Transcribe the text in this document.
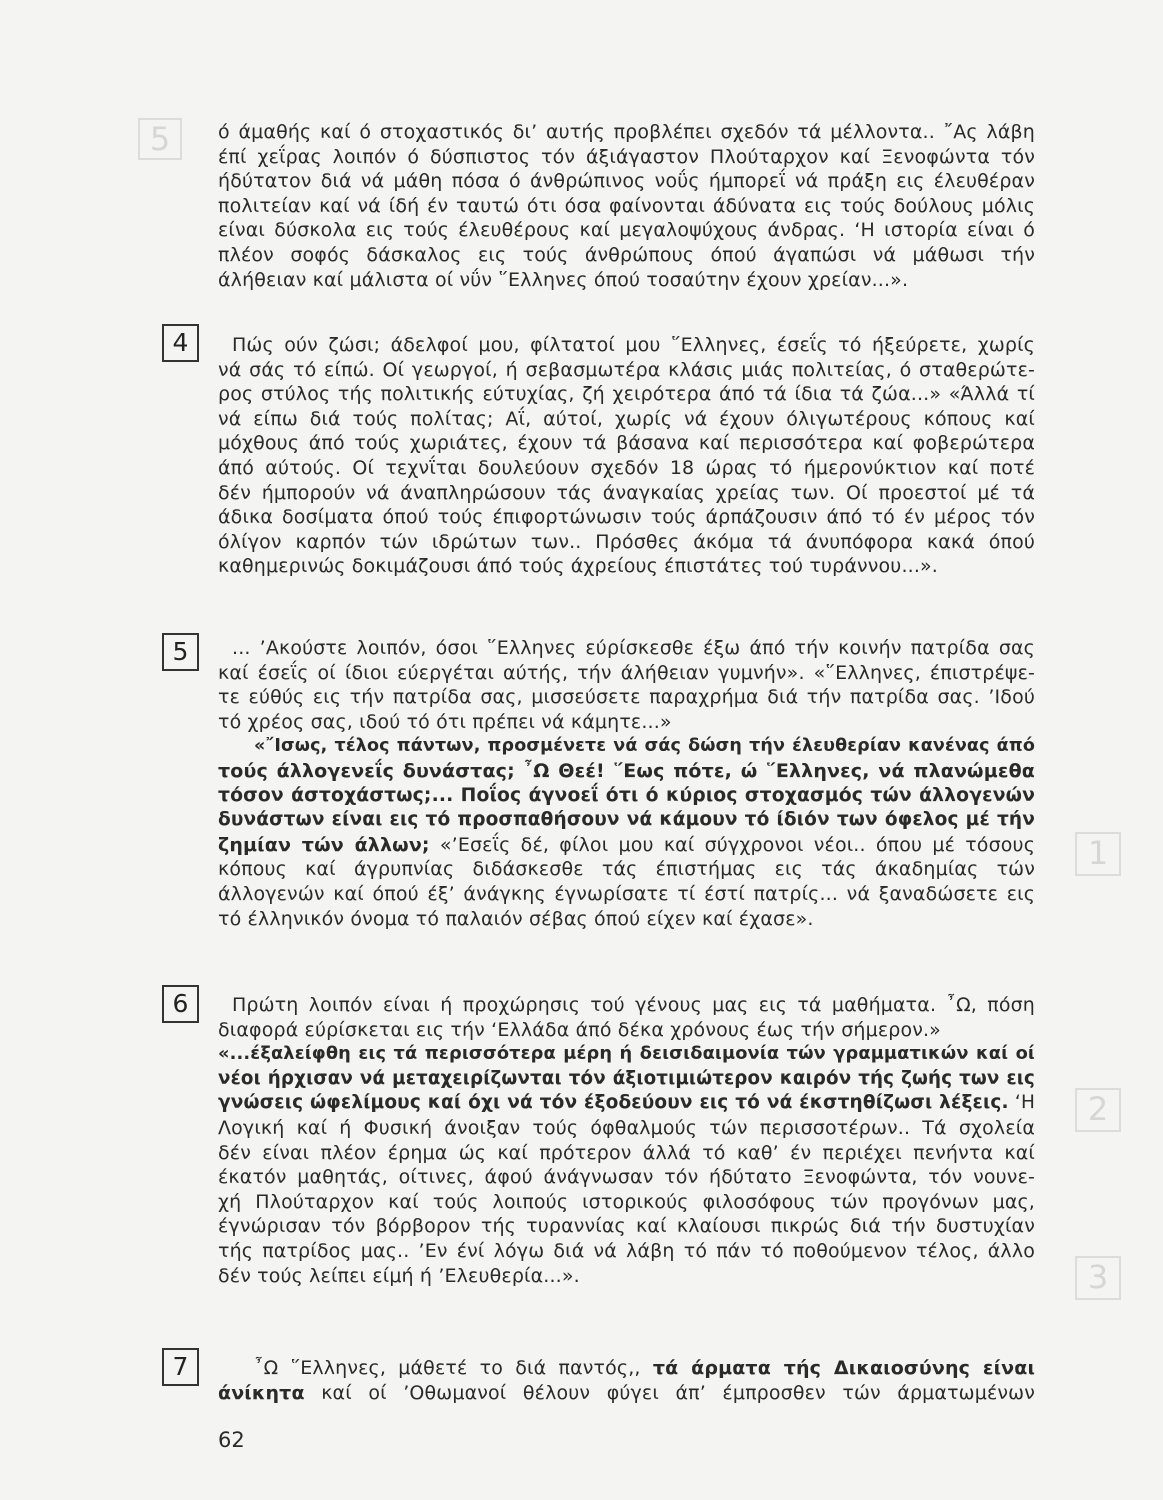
5
1
2
3
4
5
6
7
ό άμαθής καί ό στοχαστικός δι’ αυτής προβλέπει σχεδόν τά μέλλοντα.. ῎Ας λάβη
έπί χεΐρας λοιπόν ό δύσπιστος τόν άξιάγαστον Πλούταρχον καί Ξενοφώντα τόν
ήδύτατον διά νά μάθη πόσα ό άνθρώπινος νοΰς ήμπορεΐ νά πράξη εις έλευθέραν
πολιτείαν καί νά ίδή έν ταυτώ ότι όσα φαίνονται άδύνατα εις τούς δούλους μόλις
είναι δύσκολα εις τούς έλευθέρους καί μεγαλοψύχους άνδρας. ‘Η ιστορία είναι ό
πλέον σοφός δάσκαλος εις τούς άνθρώπους όπού άγαπώσι νά μάθωσι τήν
άλήθειαν καί μάλιστα οί νΰν ῞Ελληνες όπού τοσαύτην έχουν χρείαν...».
Πώς ούν ζώσι; άδελφοί μου, φίλτατοί μου ῞Ελληνες, έσεΐς τό ήξεύρετε, χωρίς
νά σάς τό είπώ. Οί γεωργοί, ή σεβασμωτέρα κλάσις μιάς πολιτείας, ό σταθερώτε-
ρος στύλος τής πολιτικής εύτυχίας, ζή χειρότερα άπό τά ίδια τά ζώα...» «Άλλά τί
νά είπω διά τούς πολίτας; Αΐ, αύτοί, χωρίς νά έχουν όλιγωτέρους κόπους καί
μόχθους άπό τούς χωριάτες, έχουν τά βάσανα καί περισσότερα καί φοβερώτερα
άπό αύτούς. Οί τεχνΐται δουλεύουν σχεδόν 18 ώρας τό ήμερονύκτιον καί ποτέ
δέν ήμπορούν νά άναπληρώσουν τάς άναγκαίας χρείας των. Οί προεστοί μέ τά
άδικα δοσίματα όπού τούς έπιφορτώνωσιν τούς άρπάζουσιν άπό τό έν μέρος τόν
όλίγον καρπόν τών ιδρώτων των.. Πρόσθες άκόμα τά άνυπόφορα κακά όπού
καθημερινώς δοκιμάζουσι άπό τούς άχρείους έπιστάτες τού τυράννου...».
... ’Ακούστε λοιπόν, όσοι ῞Ελληνες εύρίσκεσθε έξω άπό τήν κοινήν πατρίδα σας
καί έσεΐς οί ίδιοι εύεργέται αύτής, τήν άλήθειαν γυμνήν». «῞Ελληνες, έπιστρέψε-
τε εύθύς εις τήν πατρίδα σας, μισσεύσετε παραχρήμα διά τήν πατρίδα σας. ’Ιδού
τό χρέος σας, ιδού τό ότι πρέπει νά κάμητε...»
«῎Ισως, τέλος πάντων, προσμένετε νά σάς δώση τήν έλευθερίαν κανένας άπό
τούς άλλογενεΐς δυνάστας; ῏Ω Θεέ! ῞Εως πότε, ώ ῞Ελληνες, νά πλανώμεθα
τόσον άστοχάστως;... Ποΐος άγνοεΐ ότι ό κύριος στοχασμός τών άλλογενών
δυνάστων είναι εις τό προσπαθήσουν νά κάμουν τό ίδιόν των όφελος μέ τήν
ζημίαν τών άλλων; «’Εσεΐς δέ, φίλοι μου καί σύγχρονοι νέοι.. όπου μέ τόσους
κόπους καί άγρυπνίας διδάσκεσθε τάς έπιστήμας εις τάς άκαδημίας τών
άλλογενών καί όπού έξ’ άνάγκης έγνωρίσατε τί έστί πατρίς... νά ξαναδώσετε εις
τό έλληνικόν όνομα τό παλαιόν σέβας όπού είχεν καί έχασε».
Πρώτη λοιπόν είναι ή προχώρησις τού γένους μας εις τά μαθήματα. ῏Ω, πόση
διαφορά εύρίσκεται εις τήν ‘Ελλάδα άπό δέκα χρόνους έως τήν σήμερον.»
«...έξαλείφθη εις τά περισσότερα μέρη ή δεισιδαιμονία τών γραμματικών καί οί
νέοι ήρχισαν νά μεταχειρίζωνται τόν άξιοτιμιώτερον καιρόν τής ζωής των εις
γνώσεις ώφελίμους καί όχι νά τόν έξοδεύουν εις τό νά έκστηθίζωσι λέξεις. ‘Η
Λογική καί ή Φυσική άνοιξαν τούς όφθαλμούς τών περισσοτέρων.. Τά σχολεία
δέν είναι πλέον έρημα ώς καί πρότερον άλλά τό καθ’ έν περιέχει πενήντα καί
έκατόν μαθητάς, οίτινες, άφού άνάγνωσαν τόν ήδύτατο Ξενοφώντα, τόν νουνε-
χή Πλούταρχον καί τούς λοιπούς ιστορικούς φιλοσόφους τών προγόνων μας,
έγνώρισαν τόν βόρβορον τής τυραννίας καί κλαίουσι πικρώς διά τήν δυστυχίαν
τής πατρίδος μας.. ’Εν ένί λόγω διά νά λάβη τό πάν τό ποθούμενον τέλος, άλλο
δέν τούς λείπει είμή ή ’Ελευθερία...».
῏Ω ῞Ελληνες, μάθετέ το διά παντός,, τά άρματα τής Δικαιοσύνης είναι
άνίκητα καί οί ’Οθωμανοί θέλουν φύγει άπ’ έμπροσθεν τών άρματωμένων
62
